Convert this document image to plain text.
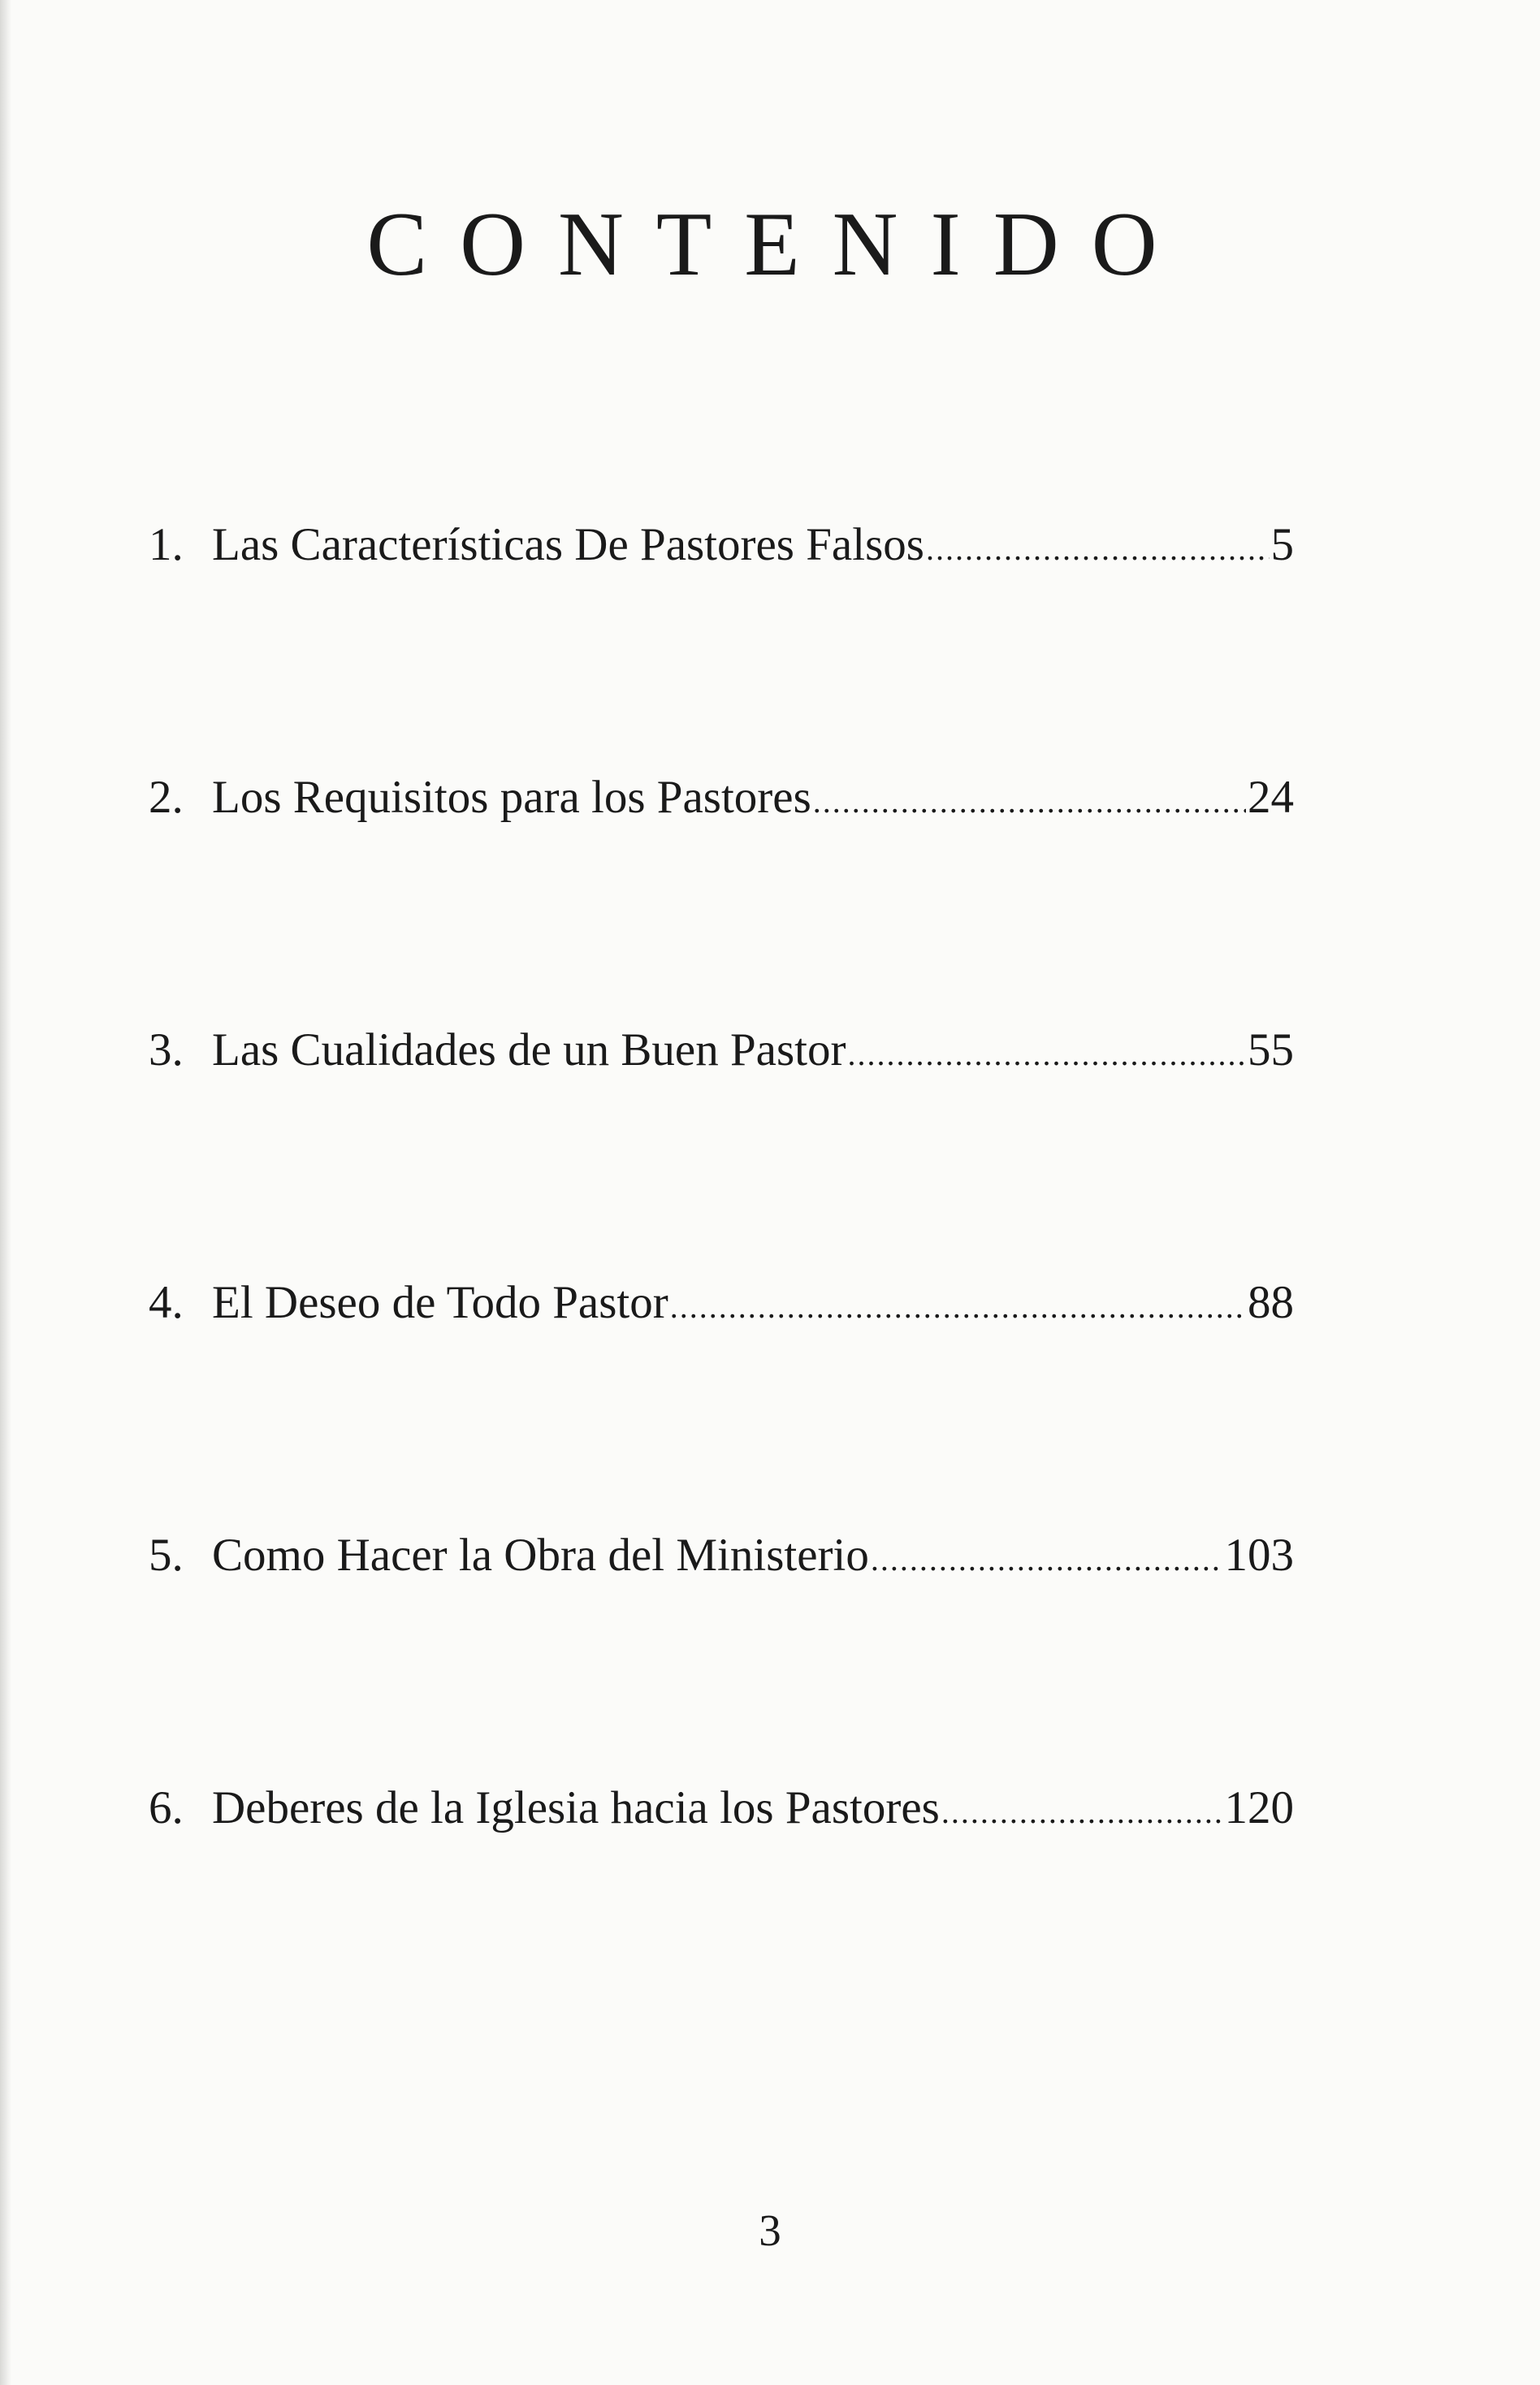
CONTENIDO
1. Las Características De Pastores Falsos .....	5
2. Los Requisitos para los Pastores .....	24
3. Las Cualidades de un Buen Pastor .....	55
4. El Deseo de Todo Pastor .....	88
5. Como Hacer la Obra del Ministerio .....	103
6. Deberes de la Iglesia hacia los Pastores .....	120
3
